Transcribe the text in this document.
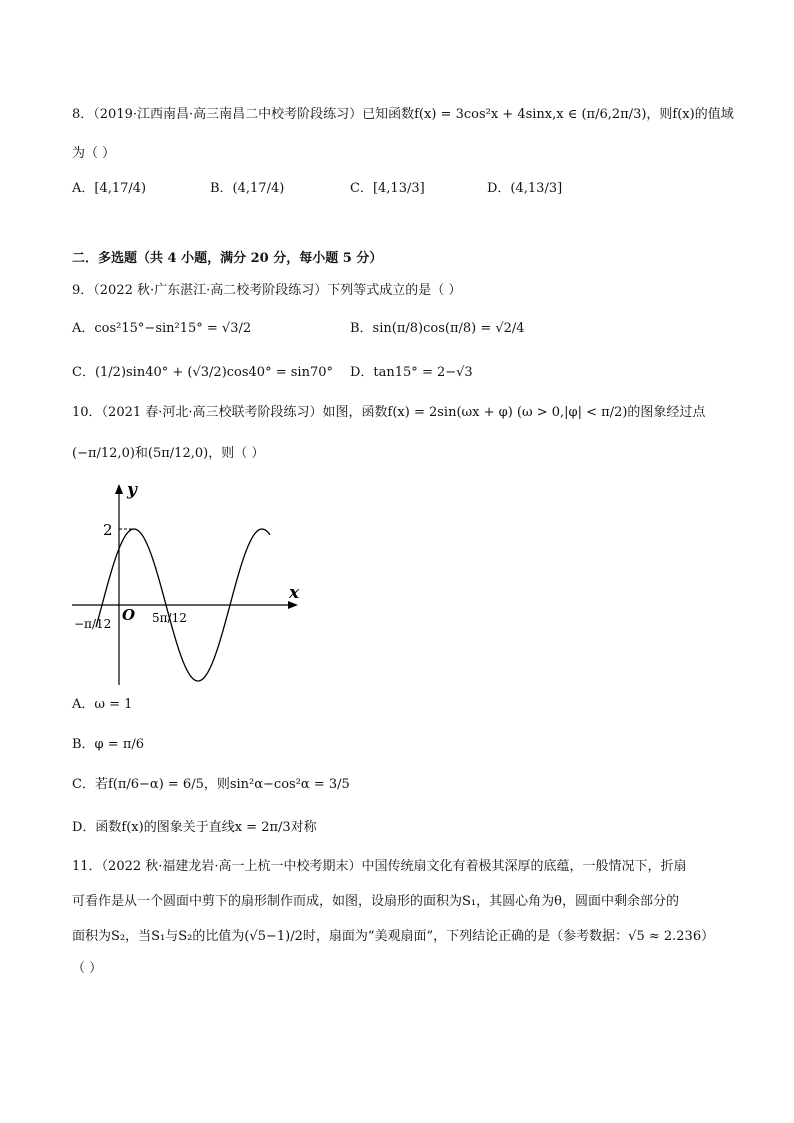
8．（2019·江西南昌·高三南昌二中校考阶段练习）已知函数f(x) = 3cos²x + 4sinx,x ∈ (π/6,2π/3)，则f(x)的值域
为（ ）
A．[4,17/4)	B．(4,17/4)	C．[4,13/3]	D．(4,13/3]
二．多选题（共 4 小题，满分 20 分，每小题 5 分）
9．（2022 秋·广东湛江·高二校考阶段练习）下列等式成立的是（ ）
A．cos²15°−sin²15° = √3/2	B．sin(π/8)cos(π/8) = √2/4
C．(1/2)sin40° + (√3/2)cos40° = sin70° D．tan15° = 2−√3
10．（2021 春·河北·高三校联考阶段练习）如图，函数f(x) = 2sin(ωx + φ) (ω > 0,|φ| < π/2)的图象经过点
(−π/12,0)和(5π/12,0)，则（ ）
y
x
O
2
−π/12	5π/12
A．ω = 1
B．φ = π/6
C．若f(π/6−α) = 6/5，则sin²α−cos²α = 3/5
D．函数f(x)的图象关于直线x = 2π/3对称
11．（2022 秋·福建龙岩·高一上杭一中校考期末）中国传统扇文化有着极其深厚的底蕴，一般情况下，折扇
可看作是从一个圆面中剪下的扇形制作而成，如图，设扇形的面积为S₁，其圆心角为θ，圆面中剩余部分的
面积为S₂，当S₁与S₂的比值为(√5−1)/2时，扇面为“美观扇面”，下列结论正确的是（参考数据：√5 ≈ 2.236）
（ ）
